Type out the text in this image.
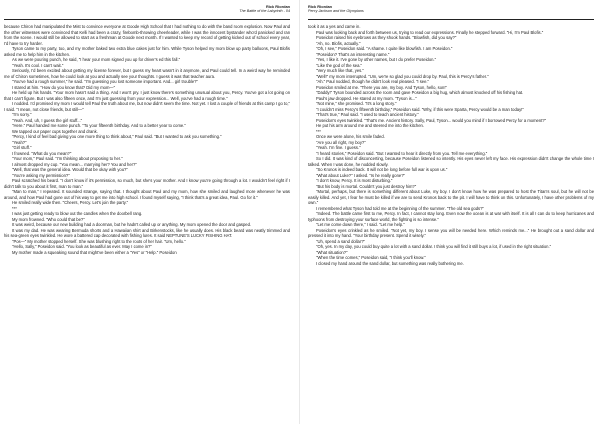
Rick Riordan
The Battle of the Labyrinth - 04

because Chiron had manipulated the Mist to convince everyone at Goode High School that I had nothing to do with the band room explosion. Now Paul and the other witnesses were convinced that Kelli had been a crazy, firebomb-throwing cheerleader, while I was the innocent bystander who'd panicked and ran from the scene. I would still be allowed to start as a freshman at Goode next month. If I wanted to keep my record of getting kicked out of school every year, I'd have to try harder.

Tyson came to my party, too, and my mother baked two extra blue cakes just for him. While Tyson helped my mom blow up party balloons, Paul Blofis asked me to help him in the kitchen.

As we were pouring punch, he said, "I hear your mom signed you up for driver's ed this fall."

"Yeah. It's cool. I can't wait."

Seriously, I'd been excited about getting my license forever, but I guess my heart wasn't in it anymore, and Paul could tell. In a weird way he reminded me of Chiron sometimes, how he could look at you and actually see your thoughts. I guess it was that teacher aura.

"You've had a rough summer," he said. "I'm guessing you lost someone important. And... girl trouble?"

I stared at him. "How do you know that? Did my mom—"

He held up his hands. "Your mom hasn't said a thing. And I won't pry. I just know there's something unusual about you, Percy. You've got a lot going on that I can't figure. But I was also fifteen once, and I'm just guessing from your expression... Well, you've had a rough time."

I nodded. I'd promised my mom I would tell Paul the truth about me, but now didn't seem the time. Not yet. I lost a couple of friends at this camp I go to," I said. "I mean, not close friends, but still—"

"I'm sorry."

"Yeah. And, uh, I guess the girl stuff..."

"Here." Paul handed me some punch. "To your fifteenth birthday. And to a better year to come."

We tapped our paper cups together and drank.

"Percy, I kind of feel bad giving you one more thing to think about," Paul said. "But I wanted to ask you something."

"Yeah?"

"Girl stuff."

I frowned. "What do you mean?"

"Your mom," Paul said. "I'm thinking about proposing to her."

I almost dropped my cup. "You mean... marrying her? You and her?"

"Well, that was the general idea. Would that be okay with you?"

"You're asking my permission?"

Paul scratched his beard. "I don't know if it's permission, so much, but she's your mother. And I know you're going through a lot. I wouldn't feel right if I didn't talk to you about it first, man to man."

"Man to man," I repeated. It sounded strange, saying that. I thought about Paul and my mom, how she smiled and laughed more whenever he was around, and how Paul had gone out of his way to get me into high school. I found myself saying, "I think that's a great idea, Paul. Go for it."

He smiled really wide then. "Cheers, Percy. Let's join the party."

***

I was just getting ready to blow out the candles when the doorbell rang.

My mom frowned. "Who could that be?"

It was weird, because our new building had a doorman, but he hadn't called up or anything. My mom opened the door and gasped.

It was my dad. He was wearing Bermuda shorts and a Hawaiian shirt and Birkenstocks, like he usually does. His black beard was neatly trimmed and his sea-green eyes twinkled. He wore a battered cap decorated with fishing lures. It said NEPTUNE'S LUCKY FISHING HAT.

"Pos—" My mother stopped herself. She was blushing right to the roots of her hair. "Um, hello."

"Hello, Sally," Poseidon said. "You look as beautiful as ever. May I come in?"

My mother made a squeaking sound that might've been either a "Yes" or "Help." Poseidon

Rick Riordan
Percy Jackson and the Olympians

took it as a yes and came in.

Paul was looking back and forth between us, trying to read our expressions. Finally he stepped forward. "Hi, I'm Paul Blofis."

Poseidon raised his eyebrows as they shook hands. "Blowfish, did you say?"

"Ah, no. Blofis, actually."

"Oh, I see," Poseidon said. "A shame. I quite like blowfish. I am Poseidon."

"Poseidon? That's an interesting name."

"Yes, I like it. I've gone by other names, but I do prefer Poseidon."

"Like the god of the sea."

"Very much like that, yes."

"Well!" my mom interrupted. "Um, we're so glad you could drop by. Paul, this is Percy's father."

"Ah." Paul nodded, though he didn't look real pleased. "I see."

Poseidon smiled at me. "There you are, my boy. And Tyson, hello, son!"

"Daddy!" Tyson bounded across the room and gave Poseidon a big hug, which almost knocked off his fishing hat.

Paul's jaw dropped. He stared at my mom. "Tyson is..."

"Not mine," she promised. "It's a long story."

"I couldn't miss Percy's fifteenth birthday," Poseidon said. "Why, if this were Sparta, Percy would be a man today!"

"That's true," Paul said. "I used to teach ancient history."

Poseidon's eyes twinkled. "That's me. Ancient history. Sally, Paul, Tyson... would you mind if I borrowed Percy for a moment?"

He put his arm around me and steered me into the kitchen.

***

Once we were alone, his smile faded.

"Are you all right, my boy?"

"Yeah. I'm fine. I guess."

"I heard stories," Poseidon said. "But I wanted to hear it directly from you. Tell me everything."

So I did. It was kind of disconcerting, because Poseidon listened so intently. His eyes never left my face. His expression didn't change the whole time I talked. When I was done, he nodded slowly.

"So Kronos is indeed back. It will not be long before full war is upon us."

"What about Luke?" I asked. "Is he really gone?"

"I don't know, Percy. It is most disturbing."

"But his body is mortal. Couldn't you just destroy him?"

"Mortal, perhaps, but there is something different about Luke, my boy. I don't know how he was prepared to host the Titan's soul, but he will not be easily killed. And yet, I fear he must be killed if we are to send Kronos back to the pit. I will have to think on this. Unfortunately, I have other problems of my own."

I remembered what Tyson had told me at the beginning of the summer. "The old sea gods?"

"Indeed. The battle came first to me, Percy. In fact, I cannot stay long. Even now the ocean is at war with itself. It is all I can do to keep hurricanes and typhoons from destroying your surface world, the fighting is so intense."

"Let me come down there," I said. "Let me help."

Poseidon's eyes crinkled as he smiled. "Not yet, my boy. I sense you will be needed here. Which reminds me..." He brought out a sand dollar and pressed it into my hand. "Your birthday present. Spend it wisely."

"Uh, spend a sand dollar?"

"Oh, yes. In my day, you could buy quite a lot with a sand dollar. I think you will find it still buys a lot, if used in the right situation."

"What situation?"

"When the time comes," Poseidon said, "I think you'll know."

I closed my hand around the sand dollar, but something was really bothering me.
